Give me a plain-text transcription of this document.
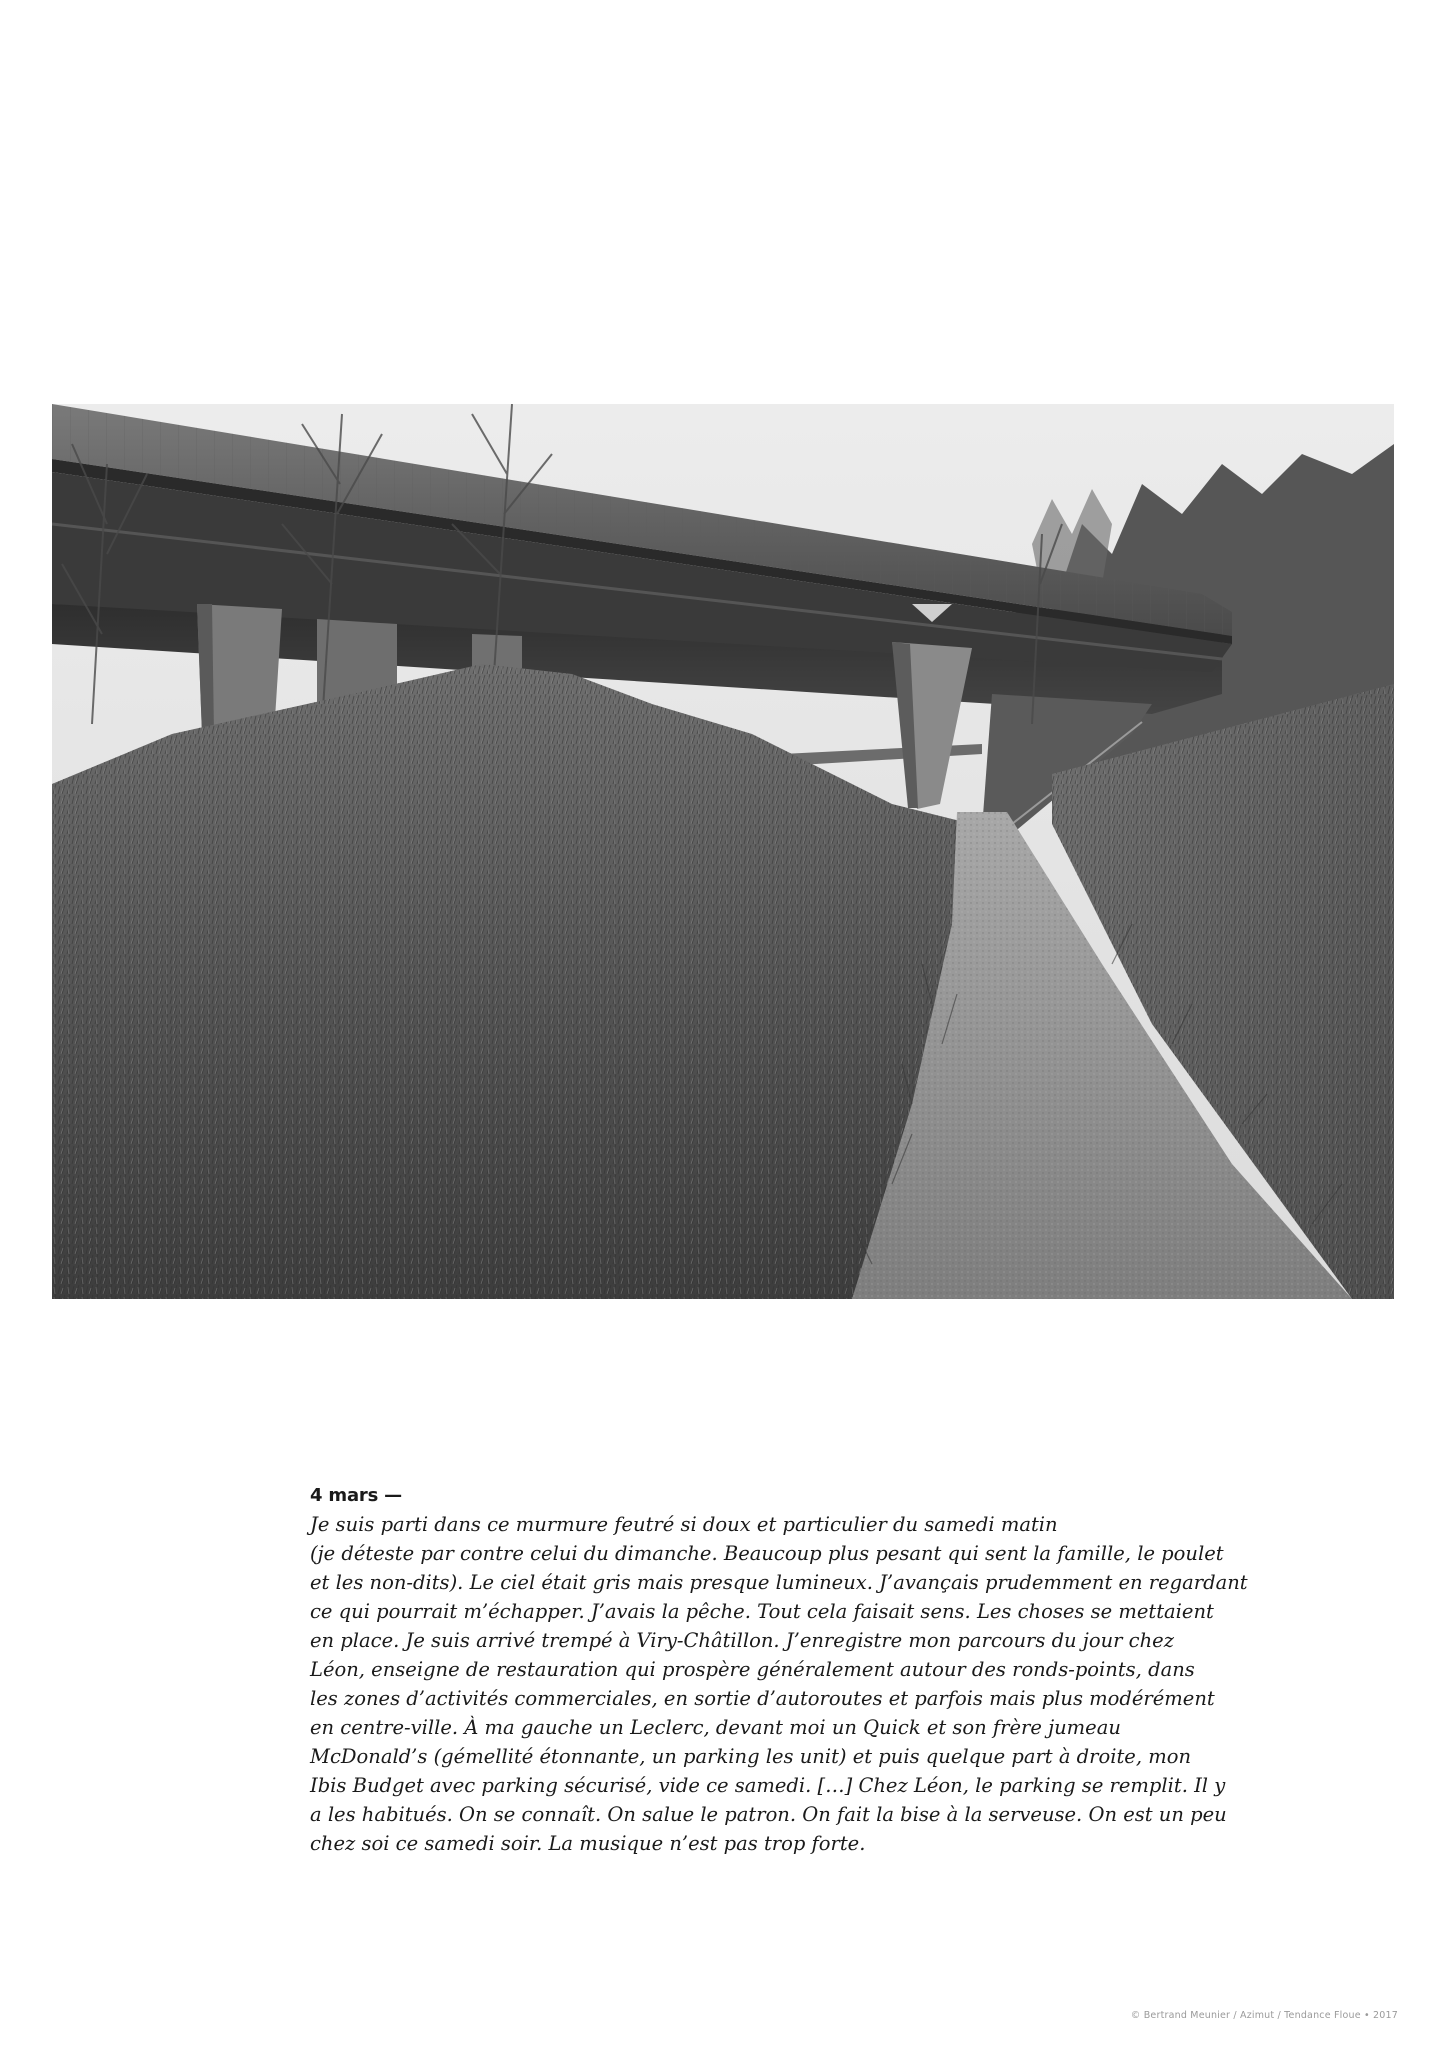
4 mars — Je suis parti dans ce murmure feutré si doux et particulier du samedi matin
(je déteste par contre celui du dimanche. Beaucoup plus pesant qui sent la famille, le poulet
et les non-dits). Le ciel était gris mais presque lumineux. J’avançais prudemment en regardant
ce qui pourrait m’échapper. J’avais la pêche. Tout cela faisait sens. Les choses se mettaient
en place. Je suis arrivé trempé à Viry-Châtillon. J’enregistre mon parcours du jour chez
Léon, enseigne de restauration qui prospère généralement autour des ronds-points, dans
les zones d’activités commerciales, en sortie d’autoroutes et parfois mais plus modérément
en centre-ville. À ma gauche un Leclerc, devant moi un Quick et son frère jumeau
McDonald’s (gémellité étonnante, un parking les unit) et puis quelque part à droite, mon
Ibis Budget avec parking sécurisé, vide ce samedi. […] Chez Léon, le parking se remplit. Il y
a les habitués. On se connaît. On salue le patron. On fait la bise à la serveuse. On est un peu
chez soi ce samedi soir. La musique n’est pas trop forte.
© Bertrand Meunier / Azimut / Tendance Floue • 2017
